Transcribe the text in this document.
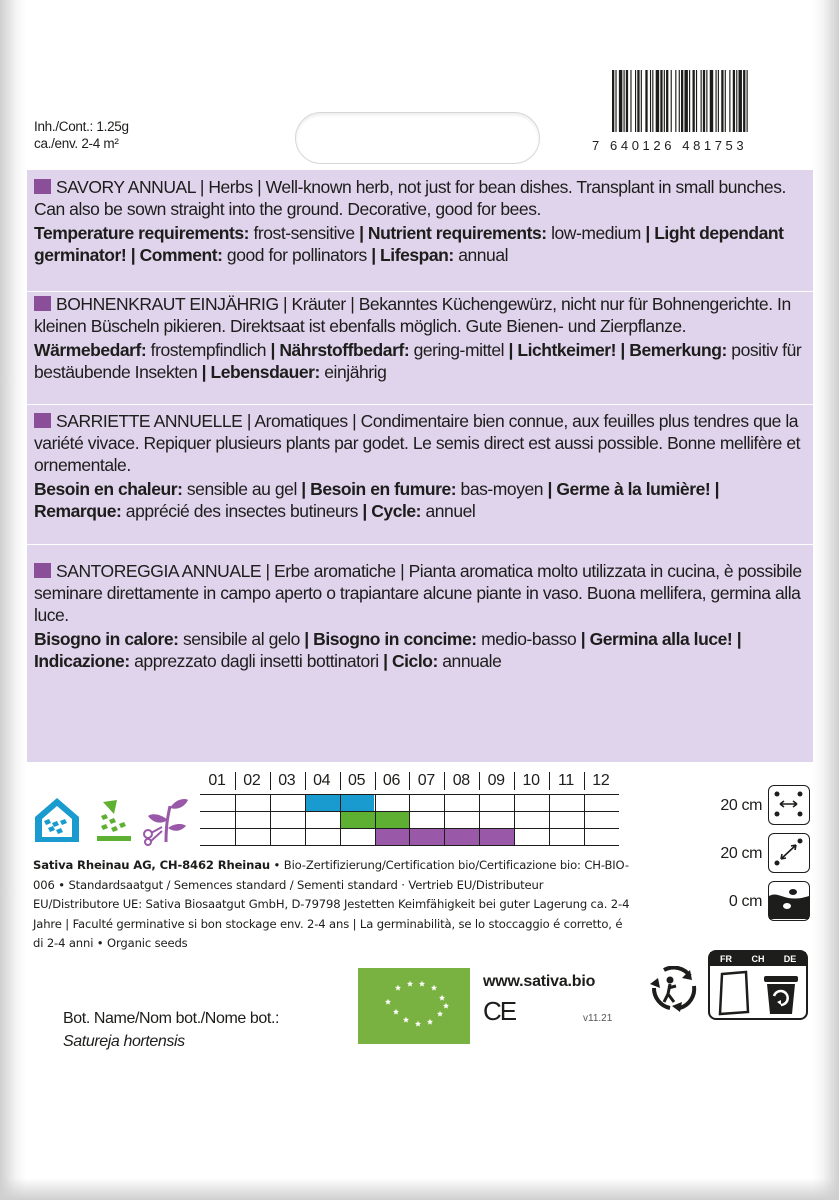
Inh./Cont.: 1.25g
ca./env. 2-4 m²	7 640126 481753

SAVORY ANNUAL | Herbs | Well-known herb, not just for bean dishes. Transplant in small bunches. Can also be sown straight into the ground. Decorative, good for bees.

Temperature requirements: frost-sensitive | Nutrient requirements: low-medium | Light dependant germinator! | Comment: good for pollinators | Lifespan: annual

BOHNENKRAUT EINJÄHRIG | Kräuter | Bekanntes Küchengewürz, nicht nur für Bohnengerichte. In kleinen Büscheln pikieren. Direktsaat ist ebenfalls möglich. Gute Bienen- und Zierpflanze.

Wärmebedarf: frostempfindlich | Nährstoffbedarf: gering-mittel | Lichtkeimer! | Bemerkung: positiv für bestäubende Insekten | Lebensdauer: einjährig

SARRIETTE ANNUELLE | Aromatiques | Condimentaire bien connue, aux feuilles plus tendres que la variété vivace. Repiquer plusieurs plants par godet. Le semis direct est aussi possible. Bonne mellifère et ornementale.

Besoin en chaleur: sensible au gel | Besoin en fumure: bas-moyen | Germe à la lumière! | Remarque: apprécié des insectes butineurs | Cycle: annuel

SANTOREGGIA ANNUALE | Erbe aromatiche | Pianta aromatica molto utilizzata in cucina, è possibile seminare direttamente in campo aperto o trapiantare alcune piante in vaso. Buona mellifera, germina alla luce.

Bisogno in calore: sensibile al gelo | Bisogno in concime: medio-basso | Germina alla luce! | Indicazione: apprezzato dagli insetti bottinatori | Ciclo: annuale

01	02	03	04	05	06	07	08	09	10	11	12
20 cm
20 cm
0 cm
Sativa Rheinau AG, CH-8462 Rheinau • Bio-Zertifizierung/Certification bio/Certificazione bio: CH-BIO-006 • Standardsaatgut / Semences standard / Sementi standard · Vertrieb EU/Distributeur EU/Distributore UE: Sativa Biosaatgut GmbH, D-79798 Jestetten Keimfähigkeit bei guter Lagerung ca. 2-4 Jahre | Faculté germinative si bon stockage env. 2-4 ans | La germinabilità, se lo stoccaggio é corretto, é di 2-4 anni • Organic seeds
Bot. Name/Nom bot./Nome bot.:
Satureja hortensis
www.sativa.bio
CE	v11.21
FR	CH	DE
